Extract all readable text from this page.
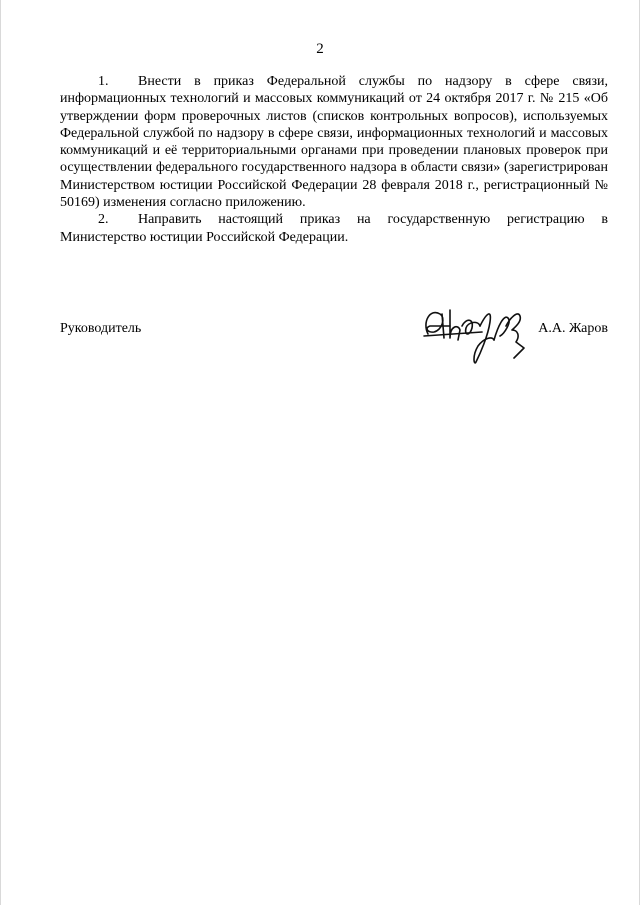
2

1. Внести в приказ Федеральной службы по надзору в сфере связи, информационных технологий и массовых коммуникаций от 24 октября 2017 г. № 215 «Об утверждении форм проверочных листов (списков контрольных вопросов), используемых Федеральной службой по надзору в сфере связи, информационных технологий и массовых коммуникаций и её территориальными органами при проведении плановых проверок при осуществлении федерального государственного надзора в области связи» (зарегистрирован Министерством юстиции Российской Федерации 28 февраля 2018 г., регистрационный № 50169) изменения согласно приложению.

2. Направить настоящий приказ на государственную регистрацию в Министерство юстиции Российской Федерации.

Руководитель	А.А. Жаров
